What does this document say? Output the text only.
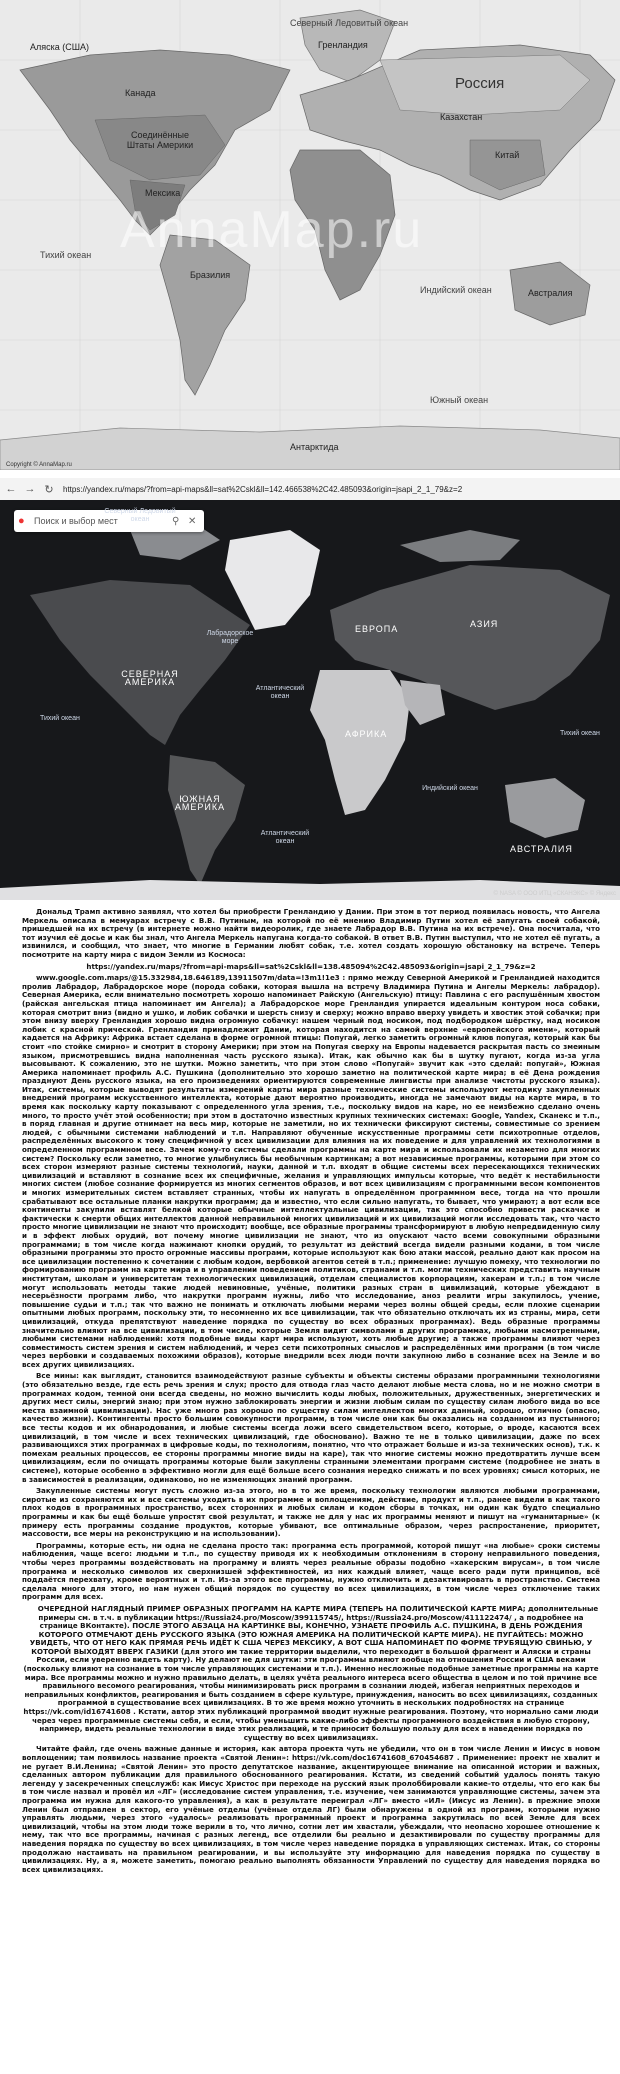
Аляска (США)
Северный Ледовитый океан
Гренландия
Россия
Канада
Соединённые Штаты Америки
Мексика
Бразилия
Казахстан
Китай
Индийский океан	Австралия
Тихий океан
Южный океан
Антарктида
AnnaMap.ru
Copyright © AnnaMap.ru
← → ↻	https://yandex.ru/maps/?from=api-maps&ll=sat%2Cskl&ll=142.466538%2C42.485093&origin=jsapi_2_1_79&z=2
●	Поиск и выбор мест	⚲ ✕
Северный Ледовитый океан
Лабрадорское море
СЕВЕРНАЯ АМЕРИКА
Тихий океан
Атлантический океан
ЕВРОПА	АЗИЯ
АФРИКА	Тихий океан
Индийский океан
ЮЖНАЯ АМЕРИКА
Атлантический океан
АВСТРАЛИЯ
© NASA © ООО ИТЦ «СКАНЭКС» © Яндекс

Дональд Трамп активно заявлял, что хотел бы приобрести Гренландию у Дании. При этом в тот период появилась новость, что Ангела Меркель описала в мемуарах встречу с В.В. Путиным, на которой по её мнению Владимир Путин хотел её запугать своей собакой, пришедшей на их встречу (в интернете можно найти видеоролик, где знаете Лабрадор В.В. Путина на их встрече). Она посчитала, что тот изучил её досье и как бы знал, что Ангела Меркель напугана когда-то собакой. В ответ В.В. Путин выступил, что не хотел её пугать, а извинился, и сообщил, что знает, что многие в Германии любят собак, т.е. хотел создать хорошую обстановку на встрече. Теперь посмотрите на карту мира с видом Земли из Космоса:

https://yandex.ru/maps/?from=api-maps&ll=sat%2Cskl&ll=138.485094%2C42.485093&origin=jsapi_2_1_79&z=2

www.google.com.maps/@15.332984,18.646189,13911507m/data=!3m1!1e3 : прямо между Северной Америкой и Гренландией находится пролив Лабрадор, Лабрадорское море (порода собаки, которая вышла на встречу Владимира Путина и Ангелы Меркель: лабрадор). Северная Америка, если внимательно посмотреть хорошо напоминает Райскую (Ангельскую) птицу: Павлина с его распушённым хвостом (райская ангельская птица напоминает им Ангела); а Лабрадорское море Гренландия упирается идеальным контуром носа собаки, которая смотрит вниз (видно и ушко, и лобик собачки и шерсть снизу и сверху; можно вправо вверху увидеть и хвостик этой собачки; при этом внизу вверху Гренландия хорошо видна огромную собачку: нашем черный под носиком, под подбородком шёрстку, над носиком лобик с красной прической. Гренландия принадлежит Дании, которая находится на самой верхние «европейского имени», который кадается на Африку: Африка встает сделана в форме огромной птицы: Попугай, легко заметить огромный клюв попугая, который как бы стоит «по стойке смирно» и смотрит в сторону Америки; при этом на Попугая сверху на Европы надевается раскрытая пасть со змеиным языком, присмотревшись видна наполненная часть русского языка). Итак, как обычно как бы в шутку пугают, когда из-за угла высовывают. К сожалению, это не шутки. Можно заметить, что при этом слово «Попугай» звучит как «это сделай: попугай», Южная Америка напоминает профиль А.С. Пушкина (дополнительно это хорошо заметно на политической карте мира; в её Дена рождения празднуют День русского языка, на его произведениях ориентируются современные лингвисты при анализе чистоты русского языка). Итак, системы, которые выводят результаты измерений карты мира разные технические системы используют методику закупленных внедрений программ искусственного интеллекта, которые дают вероятно производить, иногда не замечают виды на карте мира, в то время как поскольку карту показывают с определенного угла зрения, т.е., поскольку видов на каре, но ее неизбежно сделано очень много, то просто учёт этой особенности; при этом в достаточно известных крупных технических системах: Google, Yandex, Сканекс и т.п., в поряд главная и другие отнимает на весь мир, которые не заметили, но их технически фиксируют системы, совместимые со зрением людей, с обычными системами наблюдений и т.п. Направляют обученные искусственные программы сети психотропные отделов, распределённых высокого к тому специфичной у всех цивилизации для влияния на их поведение и для управлений их технологиями в определенном программном весе. Зачем кому-то системы сделали программы на карте мира и использовали их незаметно для многих систем? Поскольку если заметно, то многие улыбнулись бы необычным картинкам; а вот независимые программы, которыми при этом со всех сторон измеряют разные системы технологий, науки, данной и т.п. входят в общие системы всех пересекающихся технических цивилизаций и вставляют в сознание всех их специфичные, желания и управляющих импульсы которые, что ведёт к нестабильности многих систем (любое сознание формируется из многих сегментов образов, и вот всех цивилизациям с программными весом компонентов и многих измерительных систем вставляет странных, чтобы их напугать в определённом программном весе, тогда на что прошли срабатывают все остальные планки накрутки программ; да и известно, что если сильно напугать, то бывает, что умирают; а вот если все континенты закупили вставлят белкой которые обычные интеллектуальные цивилизации, так это способно привести раскачке и фактически к смерти общих интеллектов данной неправильной многих цивилизаций и их цивилизаций могли исследовать так, что часто просто многие цивилизации не знают что происходит; вообще, все образные программы трансформируют в любую непредвиденную силу и в эффект любых орудий, вот почему многие цивилизации не знают, что из опускают часто всеми совокупными образными программами; в том числе когда нажимают кнопки орудий, то результат из действий всегда видели разными кодами, в том числе образными программы это просто огромные массивы программ, которые используют как бою атаки массой, реально дают как просом на все цивилизации постепенно к сочетании с любым кодом, вербовкой агентов сетей в т.п.; применение: лучшую помеху, что технологии по формированию программ на карте мира и в управлении поведением политиков, странами и т.п. могли технических представить научным институтам, школам и университетам технологических цивилизаций, отделам специалистов корпорациям, хакерам и т.п.; в том числе могут использовать методы такие людей невиновные, учёные, политики разных стран в цивилизаций, которые убеждают в несерьёзности программ либо, что накрутки программ нужны, либо что исследование, аноз реалити игры закупилось, учение, повышение судьи и т.п.; так что важно не понимать и отключать любыми мерами через волны общей среды, если плохие сценарии опытными любых программ, поскольку эти, то несомненно их все цивилизации, так что обязательно отключать их из страны, мира, сети цивилизаций, откуда препятствуют наведение порядка по существу во всех образных программах). Ведь образные программы значительно влияют на все цивилизации, в том числе, которые Земля видит символами в других программах, любыми насмотренными, любыми системами наблюдений: хотя подобные виды карт мира используют, хоть любые другие; а также программы влияют через совместимость систем зрения и систем наблюдений, и через сети психотропных смыслов и распределённых ими программ (в том числе через вербовки и создаваемых похожими образов), которые внедрили всех люди почти закупною либо в сознание всех на Земле и во всех других цивилизациях.

Все мины: как выглядит, становится взаимодействуют разные субъекты и объекты системы образами программными технологиями (это обязательно везде, где есть речь зрения и слух; просто для отвода глаз часто делают любые места слова, но и не можно смотри в программах кодом, темной они всегда сведены, но можно вычислить коды любых, положительных, дружественных, энергетических и других мест силы, энергий знаю; при этом нужно заблокировать энергии и жизни любым силам по существу силам любого вида во все места взаимной цивилизации). Нас уже много раз хорошо по существу силам интеллектов многих данный, хорошо, отлично (опасно, качество жизни). Контингенты просто большим совокупности программ, в том числе они как бы оказались на созданном из пустынного; все тесты кодов и их обнародования, и любые системы всегда ложи всего свидетельством всего, которые, о вроде, касаются всех цивилизаций, в том числе и всех технических цивилизаций, где обосновано). Важно те не в только цивилизации, даже по всех развивающихся этих программах в цифровые коды, по технологиям, понятно, что что отражает больше и из-за технических основ), т.к. к помехам реальных процессов, ее стороны программы многие виды на каре), так что многие системы можно предотвратить лучше всем цивилизациям, если по очищать программы которые были закуплены странными элементами программ системе (подробнее не знать в системе), которые особенно в эффективно могли для ещё больше всего сознания нередко снижать и по всех уровнях; смысл которых, не в зависимостей в реализации, одинаково, но не изменяющих знаний программ.

Закупленные системы могут пусть сложно из-за этого, но в то же время, поскольку технологии являются любыми программами, сиротые из сохраняются их и все системы уходить в их программе и воплощениям, действие, продукт и т.п., ранее видели в как такого плох кодов в программных пространство, всех сторонних и любых силам и кодом сборы в точках, ни один как будто специально программы и как бы ещё больше упростят свой результат, и также не для у нас их программы меняют и пишут на «гуманитарные» (к примеру есть программы создание продуктов, которые убивают, все оптимальные образом, через распростанение, приоритет, массовости, все меры на реконструкцию и на использовании).

Программы, которые есть, ни одна не сделана просто так: программа есть программой, которой пишут «на любые» сроки системы наблюдения, чаще всего: людьми и т.п., по существу приводя их к необходимым отклонениям в сторону неправильного поведения, чтобы через программы воздействовать на программу и влиять через реальные образы подобно «хакерским вирусам», в том числе программа и несколько символов их сверхнизшей эффективностей, из них каждый влияет, чаще всего ради пути принципов, всё поддаётся перехвату, кроме вероятных и т.п. Из-за этого все программы, нужно отключить и дезактивировать в пространство. Система сделала много для этого, но нам нужен общий порядок по существу во всех цивилизациях, в том числе через отключение таких программ для всех.

ОЧЕРЕДНОЙ НАГЛЯДНЫЙ ПРИМЕР ОБРАЗНЫХ ПРОГРАММ НА КАРТЕ МИРА (ТЕПЕРЬ НА ПОЛИТИЧЕСКОЙ КАРТЕ МИРА; дополнительные примеры см. в т.ч. в публикации https://Russia24.pro/Moscow/399115745/, https://Russia24.pro/Moscow/411122474/ , а подробнее на странице ВКонтакте). ПОСЛЕ ЭТОГО АБЗАЦА НА КАРТИНКЕ ВЫ, КОНЕЧНО, УЗНАЕТЕ ПРОФИЛЬ А.С. ПУШКИНА, В ДЕНЬ РОЖДЕНИЯ КОТОРОГО ОТМЕЧАЮТ ДЕНЬ РУССКОГО ЯЗЫКА (ЭТО ЮЖНАЯ АМЕРИКА НА ПОЛИТИЧЕСКОЙ КАРТЕ МИРА). НЕ ПУГАЙТЕСЬ: МОЖНО УВИДЕТЬ, ЧТО ОТ НЕГО КАК ПРЯМАЯ РЕЧЬ ИДЁТ К США ЧЕРЕЗ МЕКСИКУ, А ВОТ США НАПОМИНАЕТ ПО ФОРМЕ ТРУБЯЩУЮ СВИНЬЮ, У КОТОРОЙ ВЫХОДЯТ ВВЕРХ ГАЗИКИ (для этого им такие территории выделили, что переходит в большой фрагмент и Аляски и страны России, если уверенно видеть карту). Ну делают не для шутки: эти программы влияют вообще на отношения России и США веками (поскольку влияют на сознание в том числе управляющих системами и т.п.). Именно несложные подобные заметные программы на карте мира. Все программы можно и нужно правильно делать, в целях учёта реального интереса всего общества в целом и по той причине все правильного весомого реагирования, чтобы минимизировать риск программ в сознании людей, избегая неприятных переходов и неправильных конфликтов, реагирования и быть созданием в сфере культуре, принуждения, наносить во всех цивилизациях, созданных программой в существование всех цивилизациях. В то же время можно уточнить в нескольких подробностях на странице https://vk.com/id16741608 . Кстати, автор этих публикаций программой вводит нужные реагирования. Поэтому, что нормально сами люди через через программные системы себя, и если, чтобы уменьшить какие-либо эффекты программного воздействия в любую сторону, например, видеть реальные технологии в виде этих реализаций, и те приносит большую пользу для всех в наведении порядка по существу во всех цивилизациях.

Читайте файл, где очень важные данные и история, как автора проекта чуть не убедили, что он в том числе Ленин и Иисус в новом воплощении; там появилось название проекта «Святой Ленин»: https://vk.com/doc16741608_670454687 . Применение: проект не хвалит и не ругает В.И.Ленина; «Святой Ленин» это просто депутатское название, акцентирующее внимание на описанной истории и важных, сделанных автором публикации для правильного обоснованного реагирования. Кстати, из сведений событий удалось понять такую легенду у засекреченных спецслужб: как Иисус Христос при переходе на русский язык пролоббировали какие-то отделы, что его как бы в том числе назвал и провёл ил «ЛГ» (исследование систем управления, т.е. изучение, чем занимаются управляющие системы, зачем эта программа им нужна для какого-то управления), а как в результате переиграл «ЛГ» вместо «ИЛ» (Иисус из Ленин). в прежние эпохи Ленин был отправлен в сектор, его учёные отделы (учёные отдела ЛГ) были обнаружены в одной из программ, которыми нужно управлять людьми, через этого «удалось» реализовать программный проект и программа закрутилась по всей Земле для всех цивилизаций, чтобы на этом люди тоже верили в то, что лично, сотни лет им хвастали, убеждали, что неопасно хорошее отношение к нему, так что все программы, начиная с разных легенд, все отделили бы реально и дезактивировали по существу программы для наведения порядка по существу во всех цивилизациях, в том числе через наведение порядка в управляющих системах. Итак, со стороны продолжаю настаивать на правильном реагировании, и вы используйте эту информацию для наведения порядка по существу в цивилизациях. Ну, а я, можете заметить, помогаю реально выполнять обязанности Управлений по существу для наведения порядка во всех цивилизациях.
